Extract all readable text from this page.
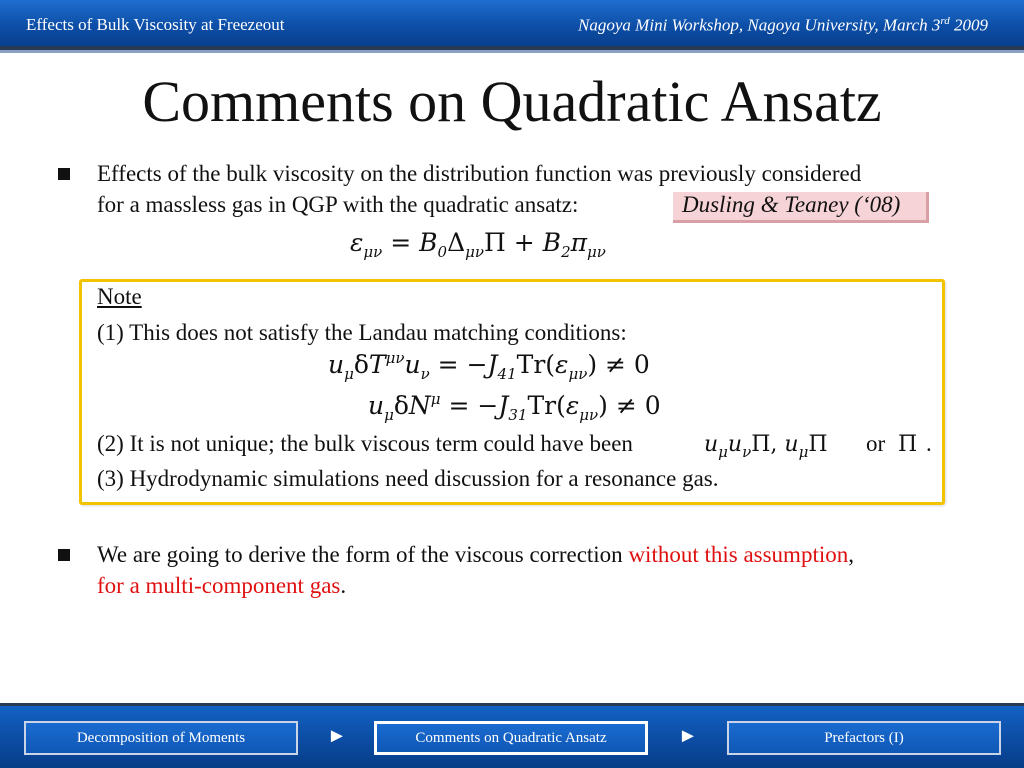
Effects of Bulk Viscosity at Freezeout	Nagoya Mini Workshop, Nagoya University, March 3rd 2009
Comments on Quadratic Ansatz
Effects of the bulk viscosity on the distribution function was previously considered
for a massless gas in QGP with the quadratic ansatz:	Dusling & Teaney (‘08)
$\varepsilon_{\mu\nu} = B_0\Delta_{\mu\nu}\Pi + B_2\pi_{\mu\nu}$
Note
(1) This does not satisfy the Landau matching conditions:
$u_\mu\delta T^{\mu\nu}u_\nu = -J_{41}Tr(\varepsilon_{\mu\nu}) \ne 0$
$u_\mu\delta N^\mu = -J_{31}Tr(\varepsilon_{\mu\nu}) \ne 0$
(2) It is not unique; the bulk viscous term could have been	$u_\mu u_\nu\Pi$, $u_\mu\Pi$ or Π .
(3) Hydrodynamic simulations need discussion for a resonance gas.
We are going to derive the form of the viscous correction without this assumption,
for a multi-component gas.
Decomposition of Moments	►	Comments on Quadratic Ansatz	►	Prefactors (I)
